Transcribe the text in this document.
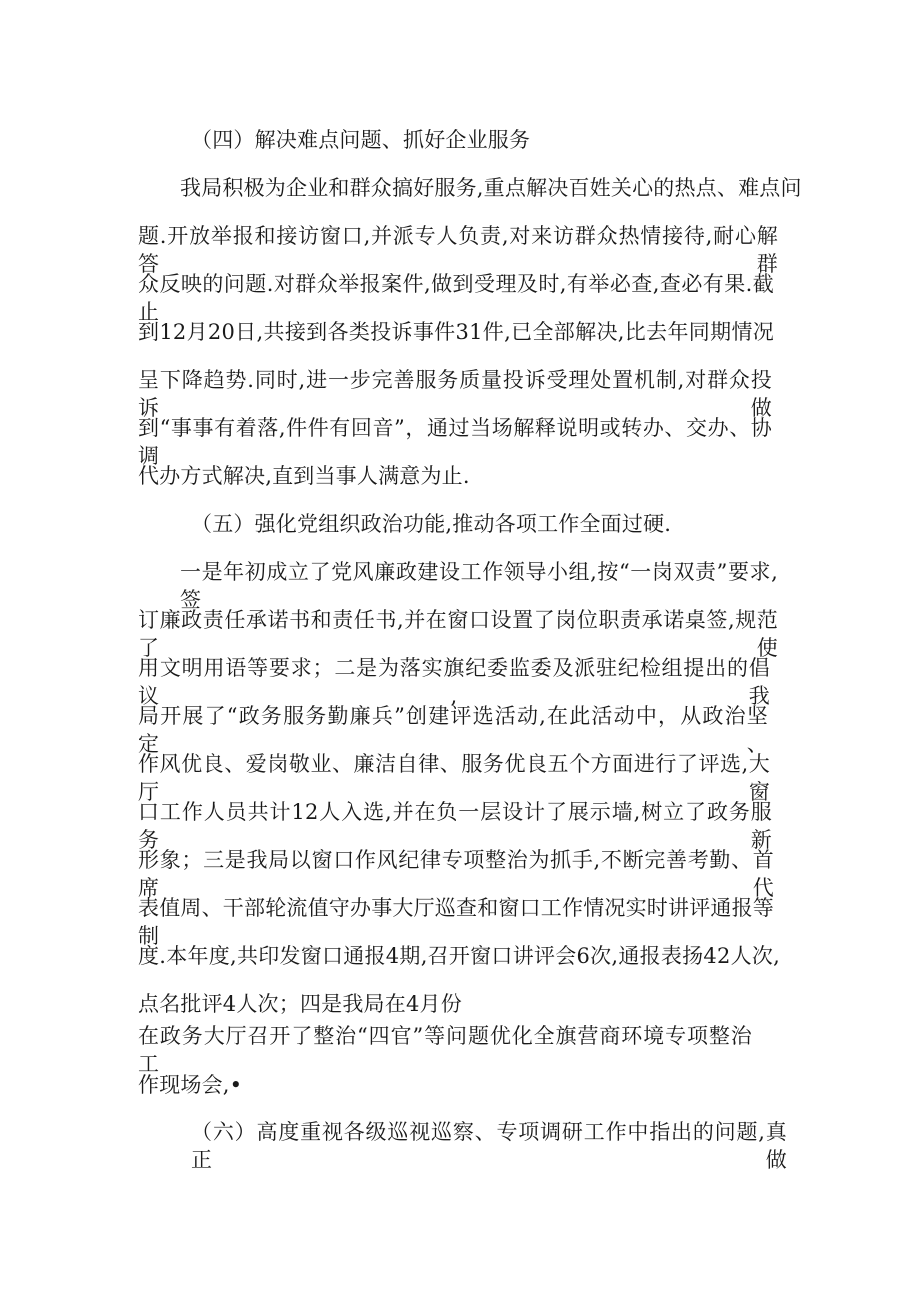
（四）解决难点问题、抓好企业服务
我局积极为企业和群众搞好服务,重点解决百姓关心的热点、难点问
题.开放举报和接访窗口,并派专人负责,对来访群众热情接待,耐心解答群
众反映的问题.对群众举报案件,做到受理及时,有举必查,查必有果.截止
到12月20日,共接到各类投诉事件31件,已全部解决,比去年同期情况
呈下降趋势.同时,进一步完善服务质量投诉受理处置机制,对群众投诉做
到“事事有着落,件件有回音”，通过当场解释说明或转办、交办、协调
代办方式解决,直到当事人满意为止.
（五）强化党组织政治功能,推动各项工作全面过硬.
一是年初成立了党风廉政建设工作领导小组,按“一岗双责”要求,签
订廉政责任承诺书和责任书,并在窗口设置了岗位职责承诺桌签,规范了使
用文明用语等要求；二是为落实旗纪委监委及派驻纪检组提出的倡议,我
局开展了“政务服务勤廉兵”创建评选活动,在此活动中，从政治坚定、
作风优良、爱岗敬业、廉洁自律、服务优良五个方面进行了评选,大厅窗
口工作人员共计12人入选,并在负一层设计了展示墙,树立了政务服务新
形象；三是我局以窗口作风纪律专项整治为抓手,不断完善考勤、首席代
表值周、干部轮流值守办事大厅巡查和窗口工作情况实时讲评通报等制
度.本年度,共印发窗口通报4期,召开窗口讲评会6次,通报表扬42人次,
点名批评4人次；四是我局在4月份
在政务大厅召开了整治“四官”等问题优化全旗营商环境专项整治工
作现场会,•
（六）高度重视各级巡视巡察、专项调研工作中指出的问题,真正做
